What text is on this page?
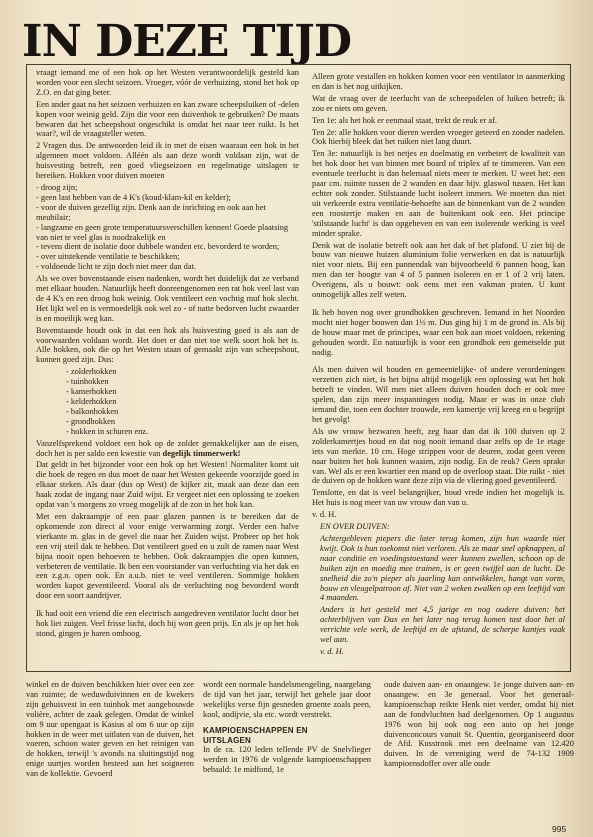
IN DEZE TIJD

vraagt iemand me of een hok op het Westen verantwoordelijk gesteld kan worden voor een slecht seizoen. Vroeger, vóór de verhuizing, stond het hok op Z.O. en dat ging beter.

Een ander gaat na het seizoen verhuizen en kan zware scheepsluiken of -delen kopen voor weinig geld. Zijn die voor een duivenhok te gebruiken? De maats bewaren dat het scheepshout ongeschikt is omdat het naar teer ruikt. Is het waar?, wil de vraagsteller weten.

2 Vragen dus. De antwoorden leid ik in met de eisen waaraan een hok in het algemeen moet voldoen. Alléén als aan deze wordt voldaan zijn, wat de huisvesting betreft, een goed vliegseizoen en regelmatige uitslagen te bereiken. Hokken voor duiven moeten

- droog zijn;
- geen last hebben van de 4 K's (koud-klam-kil en kelder);
- voor de duiven gezellig zijn. Denk aan de inrichting en ook aan het meubilair;
- langzame en geen grote temperatuursverschillen kennen! Goede plaatsing van niet te veel glas is noodzakelijk en
- tevens dient de isolatie door dubbele wanden etc. bevorderd te worden;
- over uitstekende ventilatie te beschikken;
- voldoende licht te zijn doch niet meer dan dat.

Als we over bovenstaande eisen nadenken, wordt het duidelijk dat ze verband met elkaar houden. Natuurlijk heeft dooreengenomen een rat hok veel last van de 4 K's en een droog hok weinig. Ook ventileert een vochtig muf hok slecht. Het lijkt wel en is vermoedelijk ook wel zo - of natte bedorven lucht zwaarder is en moeilijk weg kan.

Bovenstaande houdt ook in dat een hok als huisvesting goed is als aan de voorwaarden voldaan wordt. Het doet er dan niet toe welk soort hok het is. Alle hokken, ook die op het Westen staan of gemaakt zijn van scheepshout, kunnen goed zijn. Dus:

- zolderhokken
- tuinhokken
- kamerhokken
- kelderhokken
- balkonhokken
- grondhokken
- hokken in schuren enz.

Vanzelfsprekend voldoet een hok op de zolder gemakkelijker aan de eisen, doch het is per saldo een kwestie van degelijk timmerwerk!

Dat geldt in het bijzonder voor een hok op het Westen! Normaliter komt uit die hoek de regen en dus moet de naar het Westen gekeerde voorzijde goed in elkaar steken. Als daar (dus op West) de kijker zit, maak aan deze dan een haak zodat de ingang naar Zuid wijst. Er vergeet niet een oplossing te zoeken opdat van 's morgens zo vroeg mogelijk af de zon in het hok kan.

Met een dakraampje of een paar glazen pannen is te bereiken dat de opkomende zon direct al voor enige verwarming zorgt. Verder een halve vierkante m. glas in de gevel die naar het Zuiden wijst. Probeer op het hok een vrij steil dak te hebben. Dat ventileert goed en u zult de ramen naar West bijna nooit open behoeven te hebben. Ook dakraampjes die open kunnen, verbeteren de ventilatie. Ik ben een voorstander van verluchting via het dak en een z.g.n. open nok. En a.u.b. niet te veel ventileren. Sommige hokken worden kapot geventileerd. Vooral als de verluchting nog bevorderd wordt door een soort aandrijver.

Ik had ooit een vriend die een electrisch aangedreven ventilator lucht door het hok liet zuigen. Veel frisse lucht, doch hij won geen prijs. En als je op het hok stond, gingen je haren omhoog.

Alleen grote vestallen en hokken komen voor een ventilator in aanmerking en dan is het nog uitkijken.

Wat de vraag over de teerlucht van de scheepsdelen of luiken betreft; ik zou er niets om geven.

Ten 1e: als het hok er eenmaal staat, trekt de reuk er af.

Ten 2e: alle hokken voor dieren werden vroeger geteerd en zonder nadelen. Ook hierbij bleek dat het ruiken niet lang duurt.

Ten 3e: natuurlijk is het netjes en doelmatig en verbetert de kwaliteit van het hok door het van binnen met board of triplex af te timmeren. Van een eventuele teerlucht is dan helemaal niets meer te merken. U weet het: een paar cm. ruimte tussen de 2 wanden en daar bijv. glaswol tussen. Het kan echter ook zonder. Stilstaande lucht isoleert immers. We moeten dus niet uit verkeerde extra ventilatie-behoefte aan de binnenkant van de 2 wanden een roostertje maken en aan de buitenkant ook een. Het principe 'stilstaande lucht' is dan opgeheven en van een isolerende werking is veel minder sprake.

Denk wat de isolatie betreft ook aan het dak of het plafond. U ziet bij de bouw van nieuwe huizen aluminium folie verwerken en dat is natuurlijk niet voor niets. Bij een pannendak van bijvoorbeeld 6 pannen hoog, kan men dan ter hoogte van 4 of 5 pannen isoleren en er 1 of 2 vrij laten. Overigens, als u bouwt: ook eens met een vakman praten. U kunt onmogelijk alles zelf weten.

Ik heb boven nog over grondhokken geschreven. Iemand in het Noorden mocht niet hoger bouwen dan 1½ m. Dus ging hij 1 m de grond in. Als bij de bouw maar met de principes, waar een hok aan moet voldoen, rekening gehouden wordt. En natuurlijk is voor een grondhok een gemetselde put nodig.

Als men duiven wil houden en gemeentelijke- of andere verordeningen verzetten zich niet, is het bijna altijd mogelijk een oplossing wat het hok betreft te vinden. Wil men niet alleen duiven houden doch er ook mee spelen, dan zijn meer inspanningen nodig. Maar er was in onze club iemand die, toen een dochter trouwde, een kamertje vrij kreeg en u begrijpt het gevolg!

Als uw vrouw bezwaren heeft, zeg haar dan dat ik 100 duiven op 2 zolderkamertjes houd en dat nog nooit iemand daar zelfs op de 1e etage iets van merkte. 10 cm. Hoge strippen voor de deuren, zodat geen veren naar buiten het hok kunnen waaien, zijn nodig. En de reuk? Geen sprake van. Wel als er een kwartier een mand op de overloop staat. Die ruikt - niet de duiven op de hokken want deze zijn via de vliering goed geventileerd.

Tenslotte, en dat is veel belangrijker, houd vrede indien het mogelijk is. Het huis is nog meer van uw vrouw dan van u.

v. d. H.

EN OVER DUIVEN:

Achtergebleven piepers die later terug komen, zijn hun waarde niet kwijt. Ook is hun toekomst niet verloren. Als ze maar snel opknappen, al naar conditie en voedingstoestand weer kunnen zwellen, schoon op de buiken zijn en moedig mee trainen, is er geen twijfel aan de lucht. De snelheid die zo'n pieper als jaarling kan ontwikkelen, hangt van vorm, bouw en vleugelpatroon af. Niet van 2 weken zwalken op een leeftijd van 4 maanden.

Anders is het gesteld met 4,5 jarige en nog oudere duiven: het achterblijven van Dax en het later nog terug komen tast door het al verrichte vele werk, de leeftijd en de afstand, de scherpe kantjes vaak wel aan.

v. d. H.

winkel en de duiven beschikken hier over een zee van ruimte; de weduwduivinnen en de kwekers zijn gehuisvest in een tuinhok met aangebouwde volière, achter de zaak gelegen. Omdat de winkel om 9 uur opengaat is Kasius al om 6 uur op zijn hokken in de weer met uitlaten van de duiven, het voeren, schoon water geven en het reinigen van de hokken, terwijl 's avonds na sluitingstijd nog enige uurtjes worden besteed aan het soigneren van de kollektie. Gevoerd

wordt een normale handelsmengeling, naargelang de tijd van het jaar, terwijl het gehele jaar door wekelijks verse fijn gesneden groente zoals peen, kool, andijvie, sla etc. wordt verstrekt.

KAMPIOENSCHAPPEN EN
UITSLAGEN

In de ca. 120 leden tellende PV de Snelvlieger werden in 1976 de volgende kampioenschappen behaald: 1e midfond, 1e

oude duiven aan- en onaangew. 1e jonge duiven aan- en onaangew. en 3e generaal. Voor het generaal-kampioenschap reikte Henk niet verder, omdat hij niet aan de fondvluchten had deelgenomen. Op 1 augustus 1976 won hij ook nog een auto op het jonge duivenconcours vanuit St. Quentin, georganiseerd door de Afd. Kusstrook met een deelname van 12.420 duiven. In de vereniging werd de 74-132 1909 kampioensdoffer over alle oude

995
